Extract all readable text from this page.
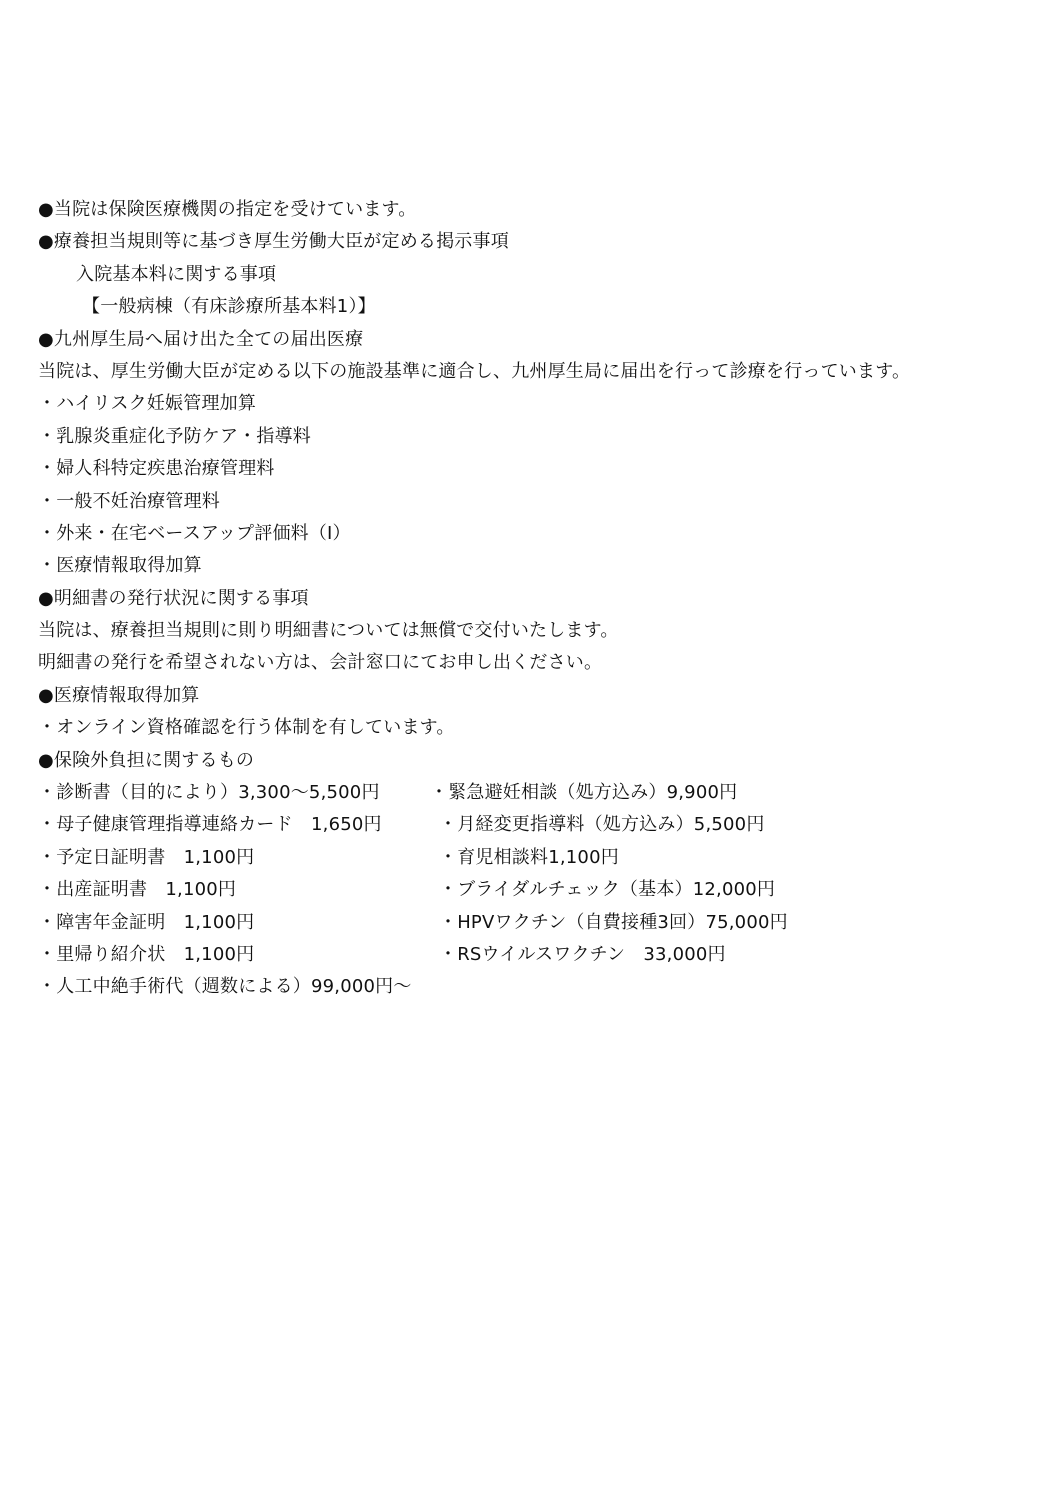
●当院は保険医療機関の指定を受けています。
●療養担当規則等に基づき厚生労働大臣が定める掲示事項
入院基本料に関する事項
【一般病棟（有床診療所基本料1）】
●九州厚生局へ届け出た全ての届出医療
当院は、厚生労働大臣が定める以下の施設基準に適合し、九州厚生局に届出を行って診療を行っています。
・ハイリスク妊娠管理加算
・乳腺炎重症化予防ケア・指導料
・婦人科特定疾患治療管理料
・一般不妊治療管理料
・外来・在宅ベースアップ評価料（Ⅰ）
・医療情報取得加算
●明細書の発行状況に関する事項
当院は、療養担当規則に則り明細書については無償で交付いたします。
明細書の発行を希望されない方は、会計窓口にてお申し出ください。
●医療情報取得加算
・オンライン資格確認を行う体制を有しています。
●保険外負担に関するもの
・診断書（目的により）3,300～5,500円
・母子健康管理指導連絡カード　1,650円
・予定日証明書　1,100円
・出産証明書　1,100円
・障害年金証明　1,100円
・里帰り紹介状　1,100円
・緊急避妊相談（処方込み）9,900円
・月経変更指導料（処方込み）5,500円
・育児相談料1,100円
・ブライダルチェック（基本）12,000円
・HPVワクチン（自費接種3回）75,000円
・RSウイルスワクチン　33,000円
・人工中絶手術代（週数による）99,000円～
